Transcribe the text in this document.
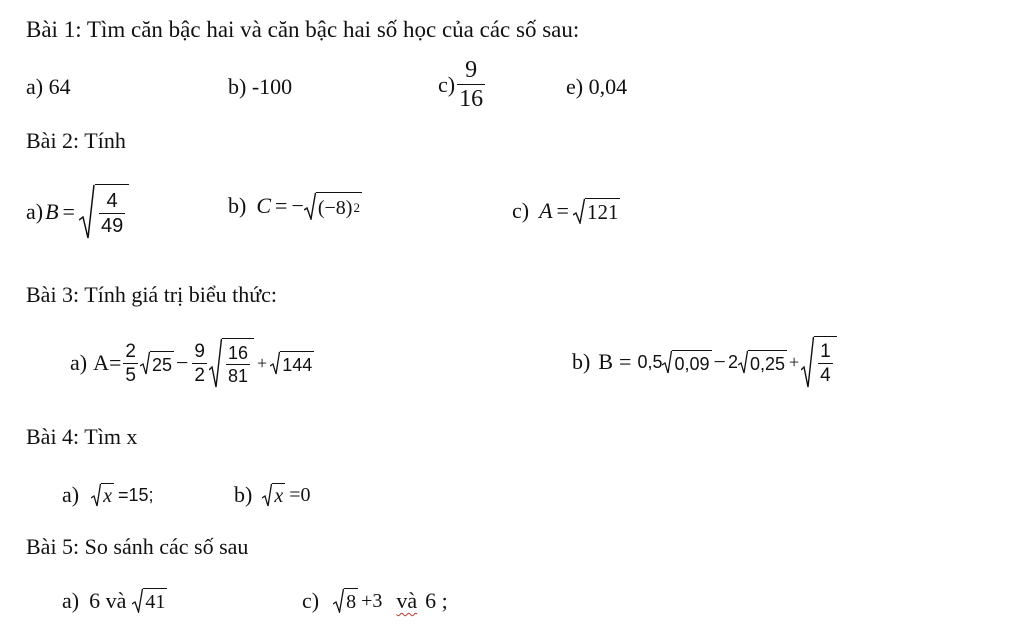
Bài 1: Tìm căn bậc hai và căn bậc hai số học của các số sau:
a) 64	b) -100	$c) \frac{9}{16}$	e) 0,04
Bài 2: Tính
a) $B = \frac{4}{49}$	b) C = − (−8) 2	c) A = 121
Bài 3: Tính giá trị biểu thức:
a) $A= \frac{2}{5} 25 - \frac{9}{2} \frac{16}{81} + 144$	b) B = 0,5 0,09 − 2 $0,25 + \frac{1}{4}$
Bài 4: Tìm x
a) x =15;	b) x =0
Bài 5: So sánh các số sau
a) 6 và 41	c) 8 +3 và 6 ;
